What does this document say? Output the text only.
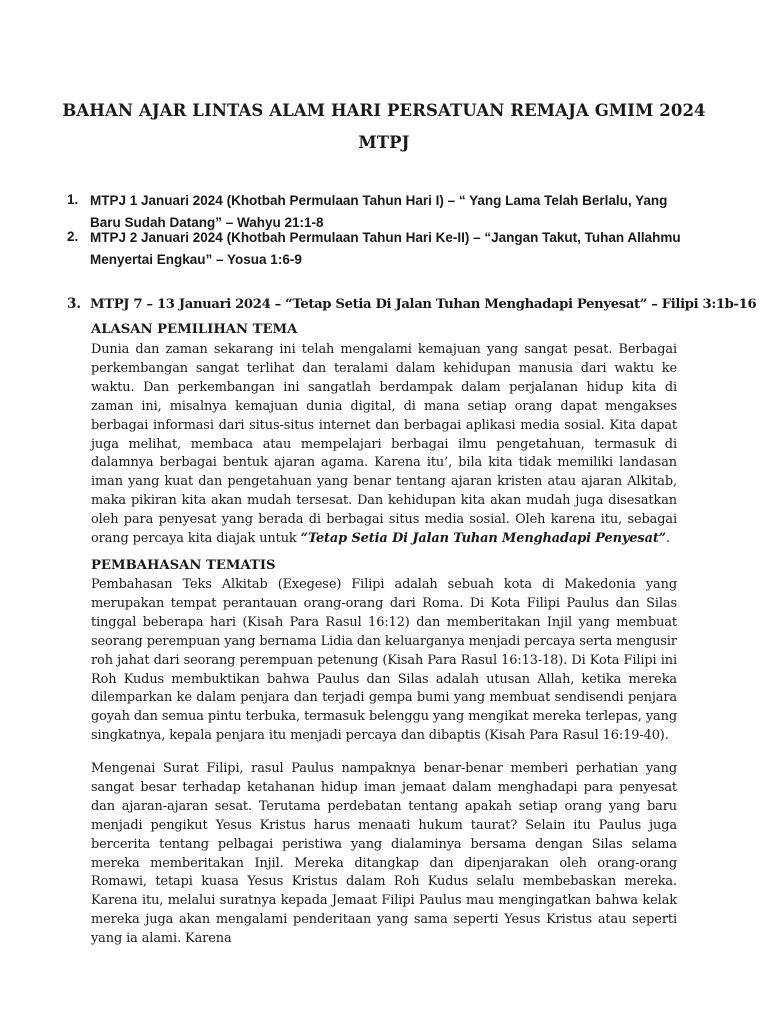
BAHAN AJAR LINTAS ALAM HARI PERSATUAN REMAJA GMIM 2024
MTPJ
1. MTPJ 1 Januari 2024 (Khotbah Permulaan Tahun Hari I) – “ Yang Lama Telah Berlalu, Yang Baru Sudah Datang” – Wahyu 21:1-8

2. MTPJ 2 Januari 2024 (Khotbah Permulaan Tahun Hari Ke-II) – “Jangan Takut, Tuhan Allahmu Menyertai Engkau” – Yosua 1:6-9

3. MTPJ 7 – 13 Januari 2024 – “Tetap Setia Di Jalan Tuhan Menghadapi Penyesat” – Filipi 3:1b-16

ALASAN PEMILIHAN TEMA

Dunia dan zaman sekarang ini telah mengalami kemajuan yang sangat pesat. Berbagai perkembangan sangat terlihat dan teralami dalam kehidupan manusia dari waktu ke waktu. Dan perkembangan ini sangatlah berdampak dalam perjalanan hidup kita di zaman ini, misalnya kemajuan dunia digital, di mana setiap orang dapat mengakses berbagai informasi dari situs-situs internet dan berbagai aplikasi media sosial. Kita dapat juga melihat, membaca atau mempelajari berbagai ilmu pengetahuan, termasuk di dalamnya berbagai bentuk ajaran agama. Karena itu’, bila kita tidak memiliki landasan iman yang kuat dan pengetahuan yang benar tentang ajaran kristen atau ajaran Alkitab, maka pikiran kita akan mudah tersesat. Dan kehidupan kita akan mudah juga disesatkan oleh para penyesat yang berada di berbagai situs media sosial. Oleh karena itu, sebagai orang percaya kita diajak untuk “Tetap Setia Di Jalan Tuhan Menghadapi Penyesat”.

PEMBAHASAN TEMATIS

Pembahasan Teks Alkitab (Exegese) Filipi adalah sebuah kota di Makedonia yang merupakan tempat perantauan orang-orang dari Roma. Di Kota Filipi Paulus dan Silas tinggal beberapa hari (Kisah Para Rasul 16:12) dan memberitakan Injil yang membuat seorang perempuan yang bernama Lidia dan keluarganya menjadi percaya serta mengusir roh jahat dari seorang perempuan petenung (Kisah Para Rasul 16:13-18). Di Kota Filipi ini Roh Kudus membuktikan bahwa Paulus dan Silas adalah utusan Allah, ketika mereka dilemparkan ke dalam penjara dan terjadi gempa bumi yang membuat sendisendi penjara goyah dan semua pintu terbuka, termasuk belenggu yang mengikat mereka terlepas, yang singkatnya, kepala penjara itu menjadi percaya dan dibaptis (Kisah Para Rasul 16:19-40).

Mengenai Surat Filipi, rasul Paulus nampaknya benar-benar memberi perhatian yang sangat besar terhadap ketahanan hidup iman jemaat dalam menghadapi para penyesat dan ajaran-ajaran sesat. Terutama perdebatan tentang apakah setiap orang yang baru menjadi pengikut Yesus Kristus harus menaati hukum taurat? Selain itu Paulus juga bercerita tentang pelbagai peristiwa yang dialaminya bersama dengan Silas selama mereka memberitakan Injil. Mereka ditangkap dan dipenjarakan oleh orang-orang Romawi, tetapi kuasa Yesus Kristus dalam Roh Kudus selalu membebaskan mereka. Karena itu, melalui suratnya kepada Jemaat Filipi Paulus mau mengingatkan bahwa kelak mereka juga akan mengalami penderitaan yang sama seperti Yesus Kristus atau seperti yang ia alami. Karena
